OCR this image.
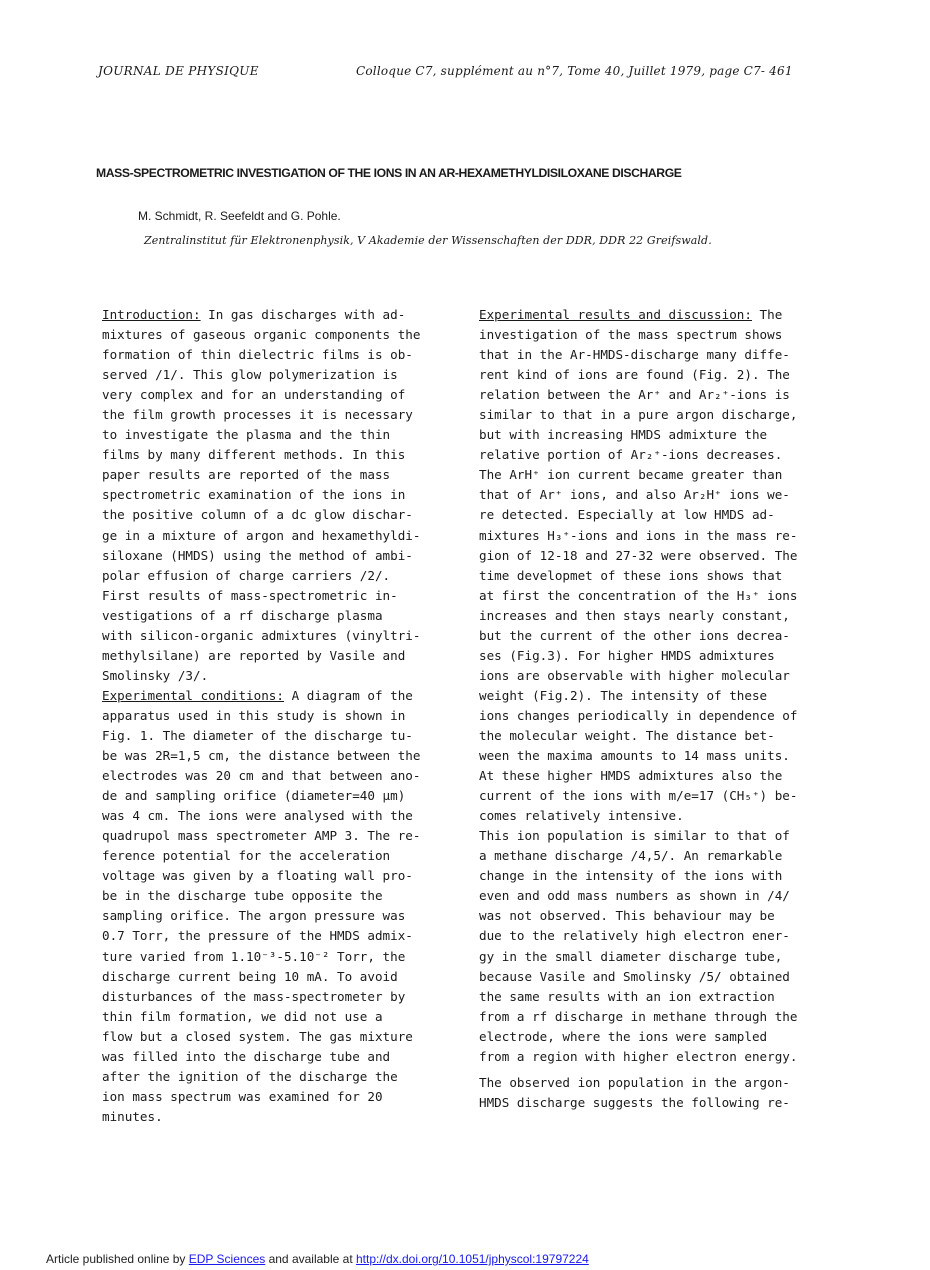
JOURNAL DE PHYSIQUE	Colloque C7, supplément au n°7, Tome 40, Juillet 1979, page C7- 461
MASS-SPECTROMETRIC INVESTIGATION OF THE IONS IN AN AR-HEXAMETHYLDISILOXANE DISCHARGE
M. Schmidt, R. Seefeldt and G. Pohle.
Zentralinstitut für Elektronenphysik, V Akademie der Wissenschaften der DDR, DDR 22 Greifswald.
Introduction: In gas discharges with ad-
mixtures of gaseous organic components the
formation of thin dielectric films is ob-
served /1/. This glow polymerization is
very complex and for an understanding of
the film growth processes it is necessary
to investigate the plasma and the thin
films by many different methods. In this
paper results are reported of the mass
spectrometric examination of the ions in
the positive column of a dc glow dischar-
ge in a mixture of argon and hexamethyldi-
siloxane (HMDS) using the method of ambi-
polar effusion of charge carriers /2/.
First results of mass-spectrometric in-
vestigations of a rf discharge plasma
with silicon-organic admixtures (vinyltri-
methylsilane) are reported by Vasile and
Smolinsky /3/.
Experimental conditions: A diagram of the
apparatus used in this study is shown in
Fig. 1. The diameter of the discharge tu-
be was 2R=1,5 cm, the distance between the
electrodes was 20 cm and that between ano-
de and sampling orifice (diameter=40 µm)
was 4 cm. The ions were analysed with the
quadrupol mass spectrometer AMP 3. The re-
ference potential for the acceleration
voltage was given by a floating wall pro-
be in the discharge tube opposite the
sampling orifice. The argon pressure was
0.7 Torr, the pressure of the HMDS admix-
ture varied from 1.10⁻³-5.10⁻² Torr, the
discharge current being 10 mA. To avoid
disturbances of the mass-spectrometer by
thin film formation, we did not use a
flow but a closed system. The gas mixture
was filled into the discharge tube and
after the ignition of the discharge the
ion mass spectrum was examined for 20
minutes.
Experimental results and discussion: The
investigation of the mass spectrum shows
that in the Ar-HMDS-discharge many diffe-
rent kind of ions are found (Fig. 2). The
relation between the Ar⁺ and Ar₂⁺-ions is
similar to that in a pure argon discharge,
but with increasing HMDS admixture the
relative portion of Ar₂⁺-ions decreases.
The ArH⁺ ion current became greater than
that of Ar⁺ ions, and also Ar₂H⁺ ions we-
re detected. Especially at low HMDS ad-
mixtures H₃⁺-ions and ions in the mass re-
gion of 12-18 and 27-32 were observed. The
time developmet of these ions shows that
at first the concentration of the H₃⁺ ions
increases and then stays nearly constant,
but the current of the other ions decrea-
ses (Fig.3). For higher HMDS admixtures
ions are observable with higher molecular
weight (Fig.2). The intensity of these
ions changes periodically in dependence of
the molecular weight. The distance bet-
ween the maxima amounts to 14 mass units.
At these higher HMDS admixtures also the
current of the ions with m/e=17 (CH₅⁺) be-
comes relatively intensive.
This ion population is similar to that of
a methane discharge /4,5/. An remarkable
change in the intensity of the ions with
even and odd mass numbers as shown in /4/
was not observed. This behaviour may be
due to the relatively high electron ener-
gy in the small diameter discharge tube,
because Vasile and Smolinsky /5/ obtained
the same results with an ion extraction
from a rf discharge in methane through the
electrode, where the ions were sampled
from a region with higher electron energy.
The observed ion population in the argon-
HMDS discharge suggests the following re-
Article published online by EDP Sciences and available at http://dx.doi.org/10.1051/jphyscol:19797224
